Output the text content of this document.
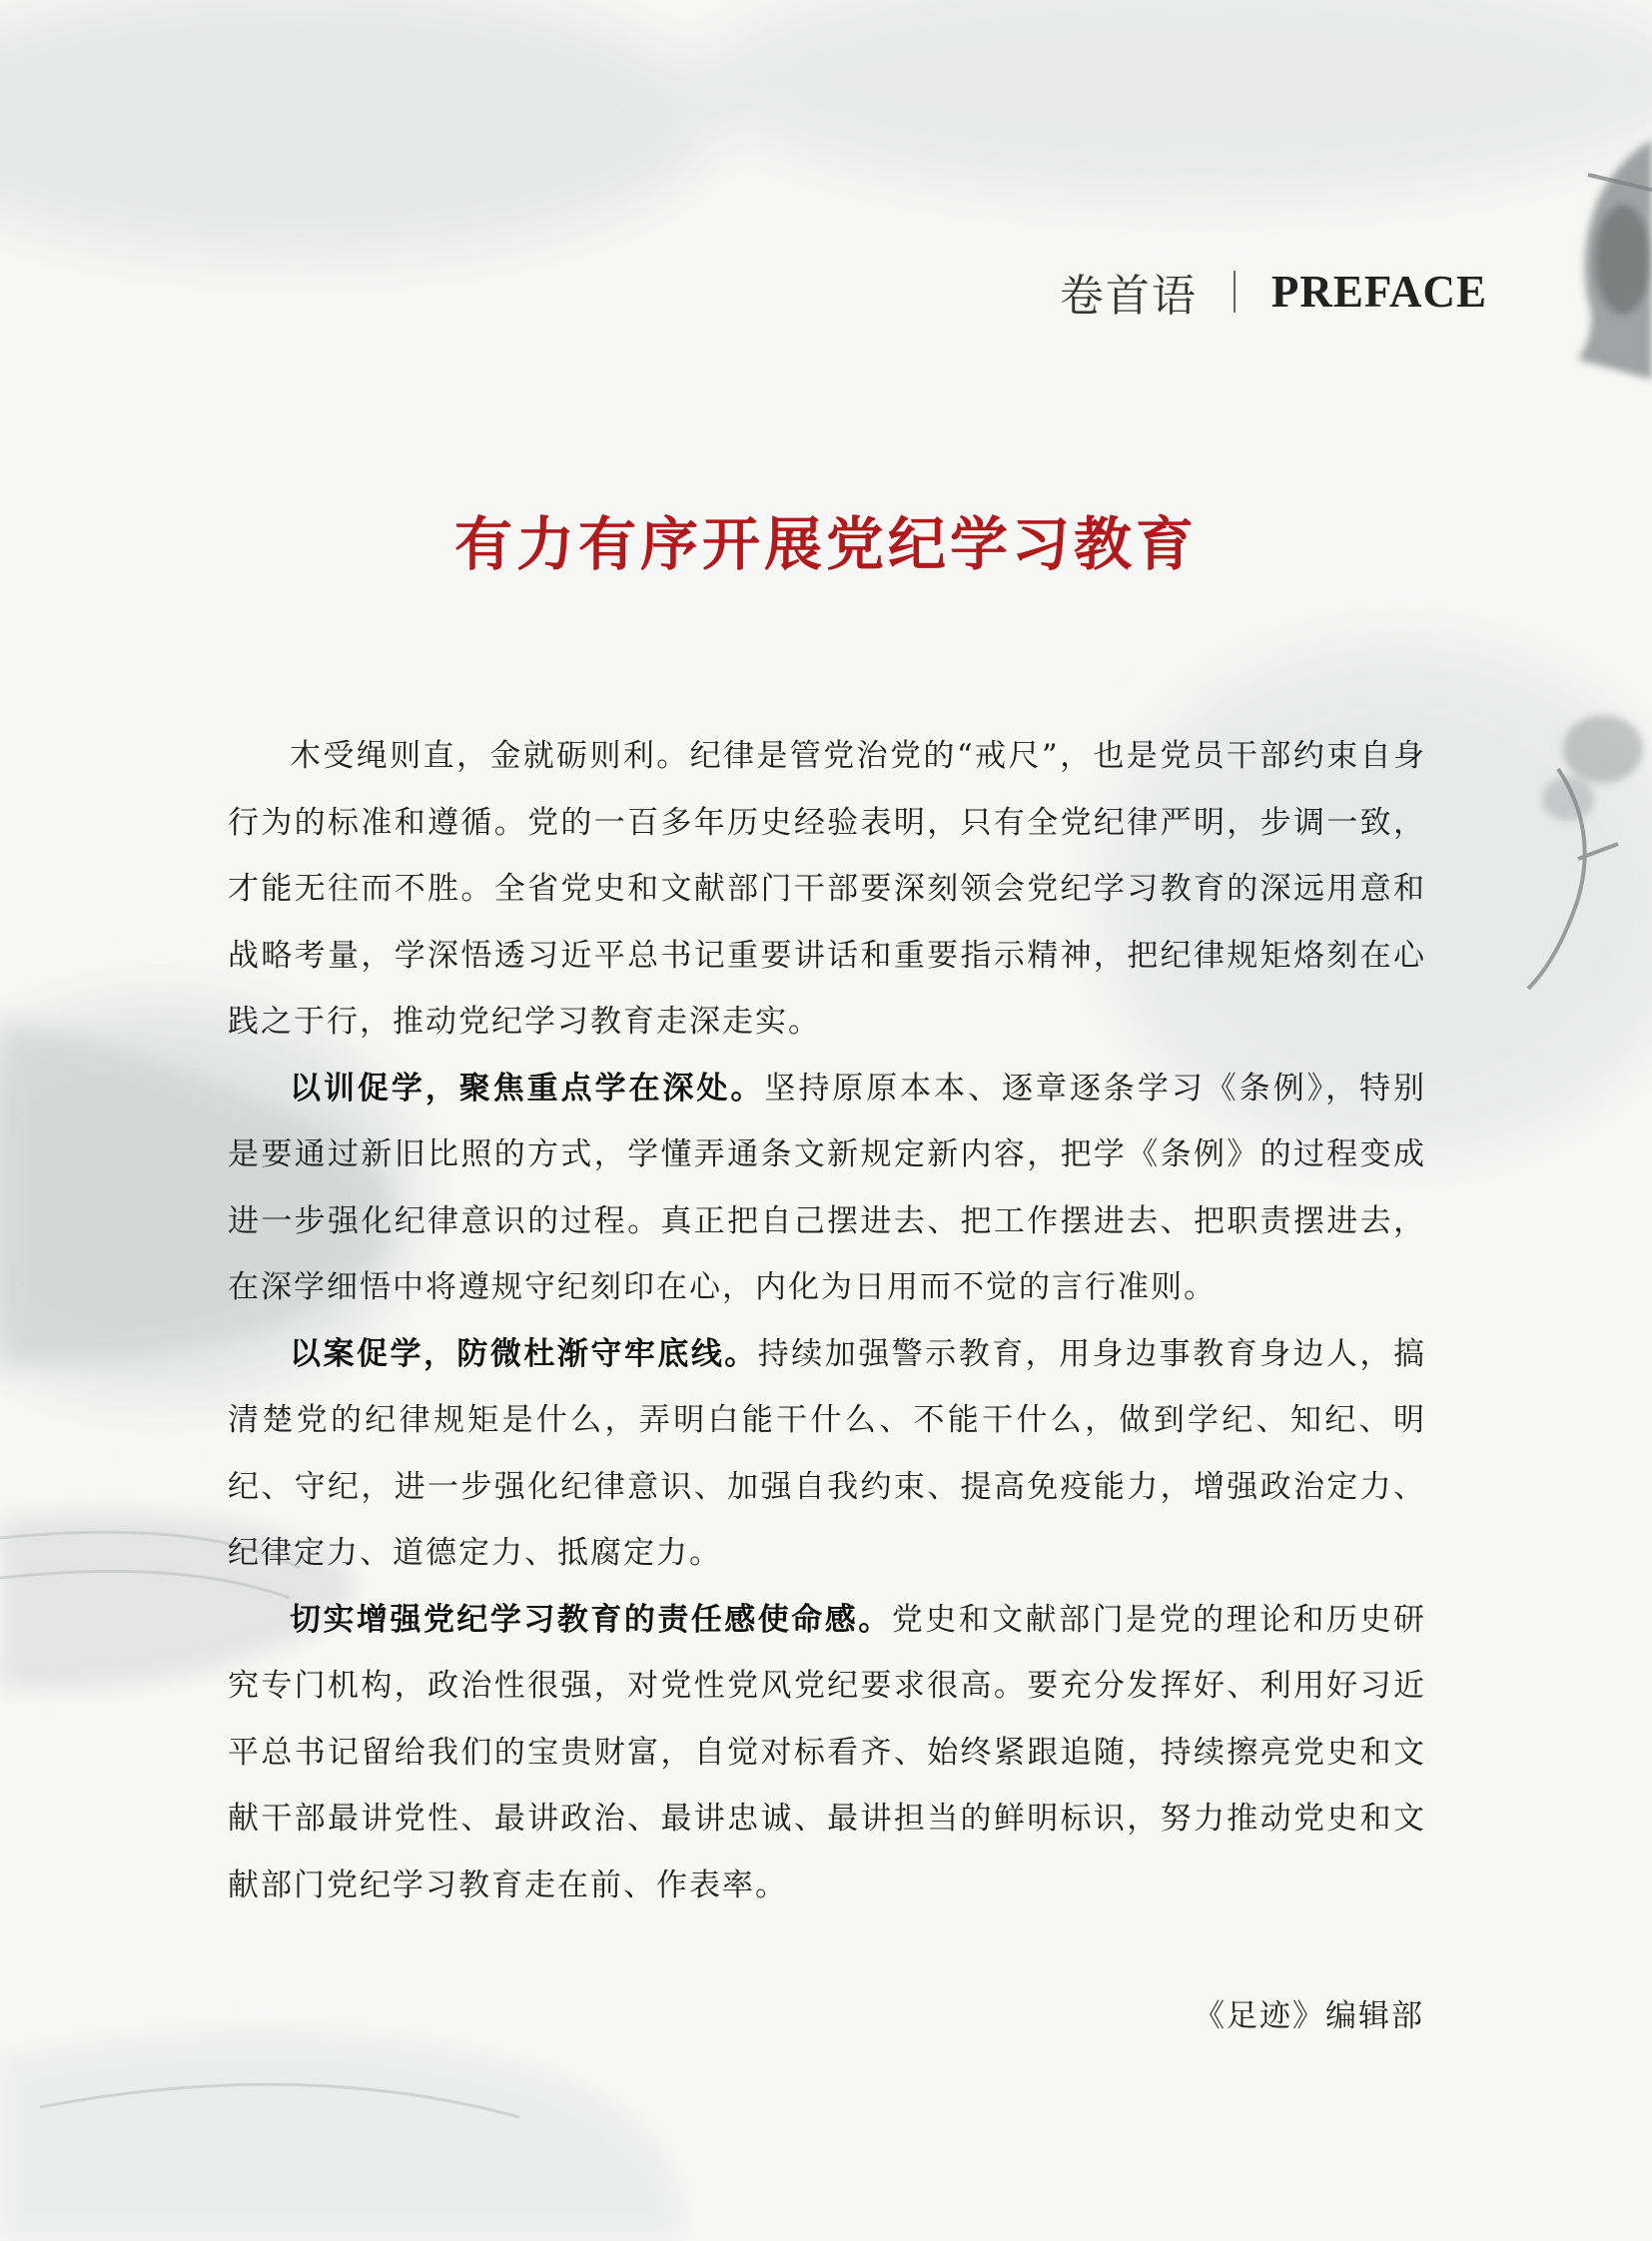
卷首语 PREFACE
有力有序开展党纪学习教育

木受绳则直，金就砺则利。纪律是管党治党的“戒尺”，也是党员干部约束自身行为的标准和遵循。党的一百多年历史经验表明，只有全党纪律严明，步调一致，才能无往而不胜。全省党史和文献部门干部要深刻领会党纪学习教育的深远用意和战略考量，学深悟透习近平总书记重要讲话和重要指示精神，把纪律规矩烙刻在心践之于行，推动党纪学习教育走深走实。

以训促学，聚焦重点学在深处。坚持原原本本、逐章逐条学习《条例》，特别是要通过新旧比照的方式，学懂弄通条文新规定新内容，把学《条例》的过程变成进一步强化纪律意识的过程。真正把自己摆进去、把工作摆进去、把职责摆进去，在深学细悟中将遵规守纪刻印在心，内化为日用而不觉的言行准则。

以案促学，防微杜渐守牢底线。持续加强警示教育，用身边事教育身边人，搞清楚党的纪律规矩是什么，弄明白能干什么、不能干什么，做到学纪、知纪、明纪、守纪，进一步强化纪律意识、加强自我约束、提高免疫能力，增强政治定力、纪律定力、道德定力、抵腐定力。

切实增强党纪学习教育的责任感使命感。党史和文献部门是党的理论和历史研究专门机构，政治性很强，对党性党风党纪要求很高。要充分发挥好、利用好习近平总书记留给我们的宝贵财富，自觉对标看齐、始终紧跟追随，持续擦亮党史和文献干部最讲党性、最讲政治、最讲忠诚、最讲担当的鲜明标识，努力推动党史和文献部门党纪学习教育走在前、作表率。

《足迹》编辑部
